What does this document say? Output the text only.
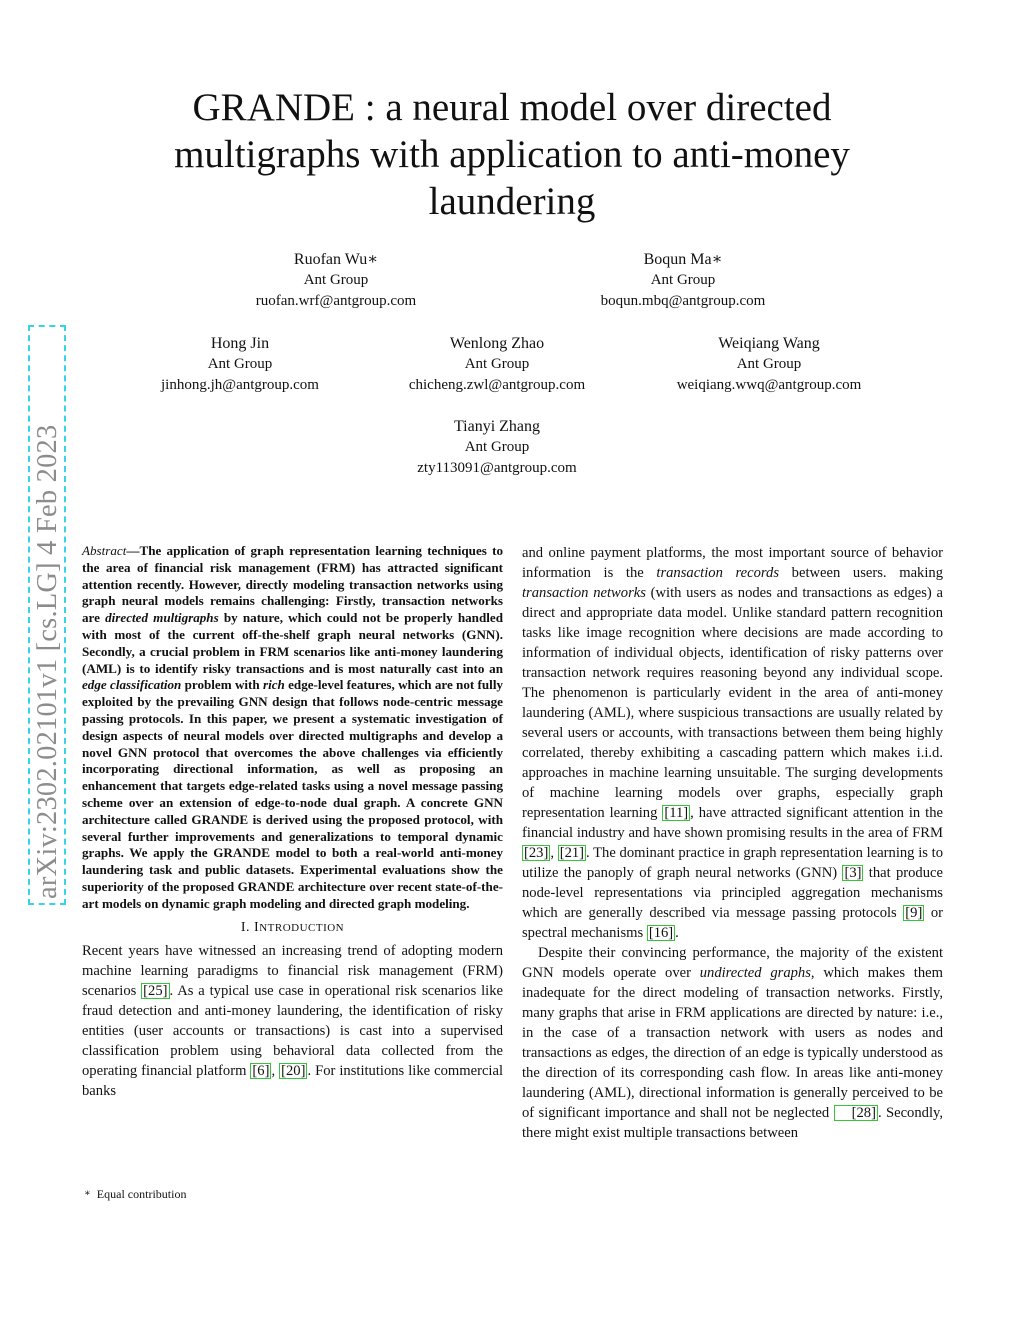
GRANDE : a neural model over directed multigraphs with application to anti-money laundering
Ruofan Wu∗
Ant Group
ruofan.wrf@antgroup.com
Boqun Ma∗
Ant Group
boqun.mbq@antgroup.com
Hong Jin
Ant Group
jinhong.jh@antgroup.com
Wenlong Zhao
Ant Group
chicheng.zwl@antgroup.com
Weiqiang Wang
Ant Group
weiqiang.wwq@antgroup.com
Tianyi Zhang
Ant Group
zty113091@antgroup.com
arXiv:2302.02101v1 [cs.LG] 4 Feb 2023 Abstract—The application of graph representation learning techniques to the area of financial risk management (FRM) has attracted significant attention recently. However, directly modeling transaction networks using graph neural models remains challenging: Firstly, transaction networks are directed multigraphs by nature, which could not be properly handled with most of the current off-the-shelf graph neural networks (GNN). Secondly, a crucial problem in FRM scenarios like anti-money laundering (AML) is to identify risky transactions and is most naturally cast into an edge classification problem with rich edge-level features, which are not fully exploited by the prevailing GNN design that follows node-centric message passing protocols. In this paper, we present a systematic investigation of design aspects of neural models over directed multigraphs and develop a novel GNN protocol that overcomes the above challenges via efficiently incorporating directional information, as well as proposing an enhancement that targets edge-related tasks using a novel message passing scheme over an extension of edge-to-node dual graph. A concrete GNN architecture called GRANDE is derived using the proposed protocol, with several further improvements and generalizations to temporal dynamic graphs. We apply the GRANDE model to both a real-world anti-money laundering task and public datasets. Experimental evaluations show the superiority of the proposed GRANDE architecture over recent state-of-the-art models on dynamic graph modeling and directed graph modeling.

I. INTRODUCTION

Recent years have witnessed an increasing trend of adopting modern machine learning paradigms to financial risk management (FRM) scenarios [25] . As a typical use case in operational risk scenarios like fraud detection and anti-money laundering, the identification of risky entities (user accounts or transactions) is cast into a supervised classification problem using behavioral data collected from the operating financial platform [6] , [20] . For institutions like commercial banks

and online payment platforms, the most important source of behavior information is the transaction records between users. making transaction networks (with users as nodes and transactions as edges) a direct and appropriate data model. Unlike standard pattern recognition tasks like image recognition where decisions are made according to information of individual objects, identification of risky patterns over transaction network requires reasoning beyond any individual scope. The phenomenon is particularly evident in the area of anti-money laundering (AML), where suspicious transactions are usually related by several users or accounts, with transactions between them being highly correlated, thereby exhibiting a cascading pattern which makes i.i.d. approaches in machine learning unsuitable. The surging developments of machine learning models over graphs, especially graph representation learning [11] , have attracted significant attention in the financial industry and have shown promising results in the area of FRM [23] , [21] . The dominant practice in graph representation learning is to utilize the panoply of graph neural networks (GNN) [3] that produce node-level representations via principled aggregation mechanisms which are generally described via message passing protocols [9] or spectral mechanisms [16] .

Despite their convincing performance, the majority of the existent GNN models operate over undirected graphs, which makes them inadequate for the direct modeling of transaction networks. Firstly, many graphs that arise in FRM applications are directed by nature: i.e., in the case of a transaction network with users as nodes and transactions as edges, the direction of an edge is typically understood as the direction of its corresponding cash flow. In areas like anti-money laundering (AML), directional information is generally perceived to be of significant importance and shall not be neglected [28] . Secondly, there might exist multiple transactions between

∗ Equal contribution
